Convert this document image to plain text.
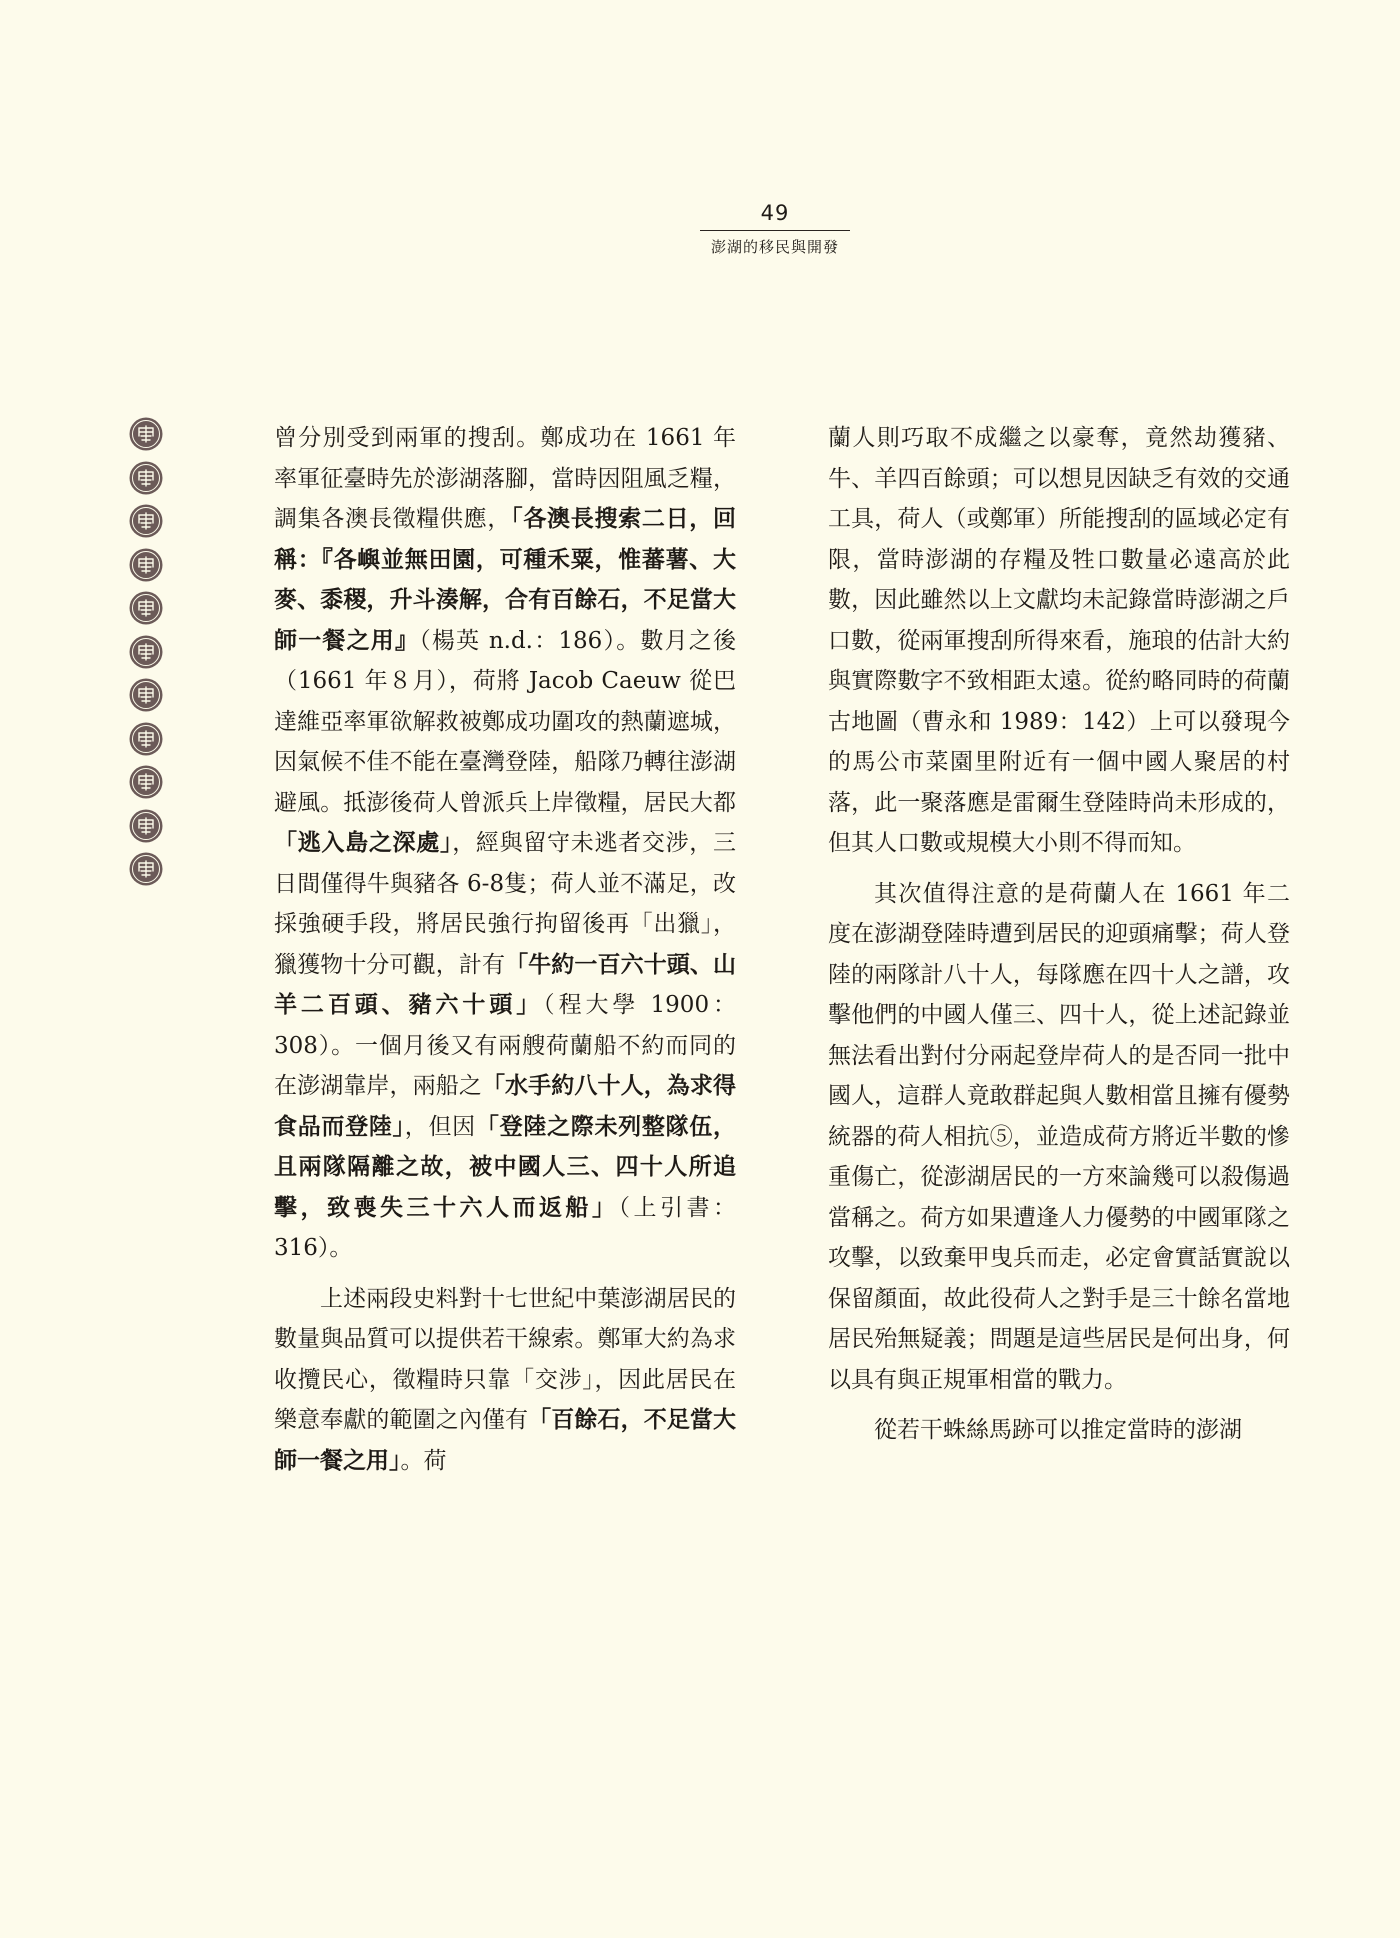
49
澎湖的移民與開發

曾分別受到兩軍的搜刮。鄭成功在 1661 年率軍征臺時先於澎湖落腳，當時因阻風乏糧，調集各澳長徵糧供應，「各澳長搜索二日，回稱：『各嶼並無田園，可種禾粟，惟蕃薯、大麥、黍稷，升斗湊解，合有百餘石，不足當大師一餐之用』（楊英 n.d.：186）。數月之後（1661 年８月），荷將 Jacob Caeuw 從巴達維亞率軍欲解救被鄭成功圍攻的熱蘭遮城，因氣候不佳不能在臺灣登陸，船隊乃轉往澎湖避風。抵澎後荷人曾派兵上岸徵糧，居民大都「逃入島之深處」，經與留守未逃者交涉，三日間僅得牛與豬各 6-8隻；荷人並不滿足，改採強硬手段，將居民強行拘留後再「出獵」，獵獲物十分可觀，計有「牛約一百六十頭、山羊二百頭、豬六十頭」（程大學 1900：308）。一個月後又有兩艘荷蘭船不約而同的在澎湖靠岸，兩船之「水手約八十人，為求得食品而登陸」，但因「登陸之際未列整隊伍，且兩隊隔離之故，被中國人三、四十人所追擊，致喪失三十六人而返船」（上引書：316）。

上述兩段史料對十七世紀中葉澎湖居民的數量與品質可以提供若干線索。鄭軍大約為求收攬民心，徵糧時只靠「交涉」，因此居民在樂意奉獻的範圍之內僅有「百餘石，不足當大師一餐之用」。荷

蘭人則巧取不成繼之以豪奪，竟然劫獲豬、牛、羊四百餘頭；可以想見因缺乏有效的交通工具，荷人（或鄭軍）所能搜刮的區域必定有限，當時澎湖的存糧及牲口數量必遠高於此數，因此雖然以上文獻均未記錄當時澎湖之戶口數，從兩軍搜刮所得來看，施琅的估計大約與實際數字不致相距太遠。從約略同時的荷蘭古地圖（曹永和 1989：142）上可以發現今的馬公市菜園里附近有一個中國人聚居的村落，此一聚落應是雷爾生登陸時尚未形成的，但其人口數或規模大小則不得而知。

其次值得注意的是荷蘭人在 1661 年二度在澎湖登陸時遭到居民的迎頭痛擊；荷人登陸的兩隊計八十人，每隊應在四十人之譜，攻擊他們的中國人僅三、四十人，從上述記錄並無法看出對付分兩起登岸荷人的是否同一批中國人，這群人竟敢群起與人數相當且擁有優勢統器的荷人相抗⑤，並造成荷方將近半數的慘重傷亡，從澎湖居民的一方來論幾可以殺傷過當稱之。荷方如果遭逢人力優勢的中國軍隊之攻擊，以致棄甲曳兵而走，必定會實話實說以保留顏面，故此役荷人之對手是三十餘名當地居民殆無疑義；問題是這些居民是何出身，何以具有與正規軍相當的戰力。

從若干蛛絲馬跡可以推定當時的澎湖
